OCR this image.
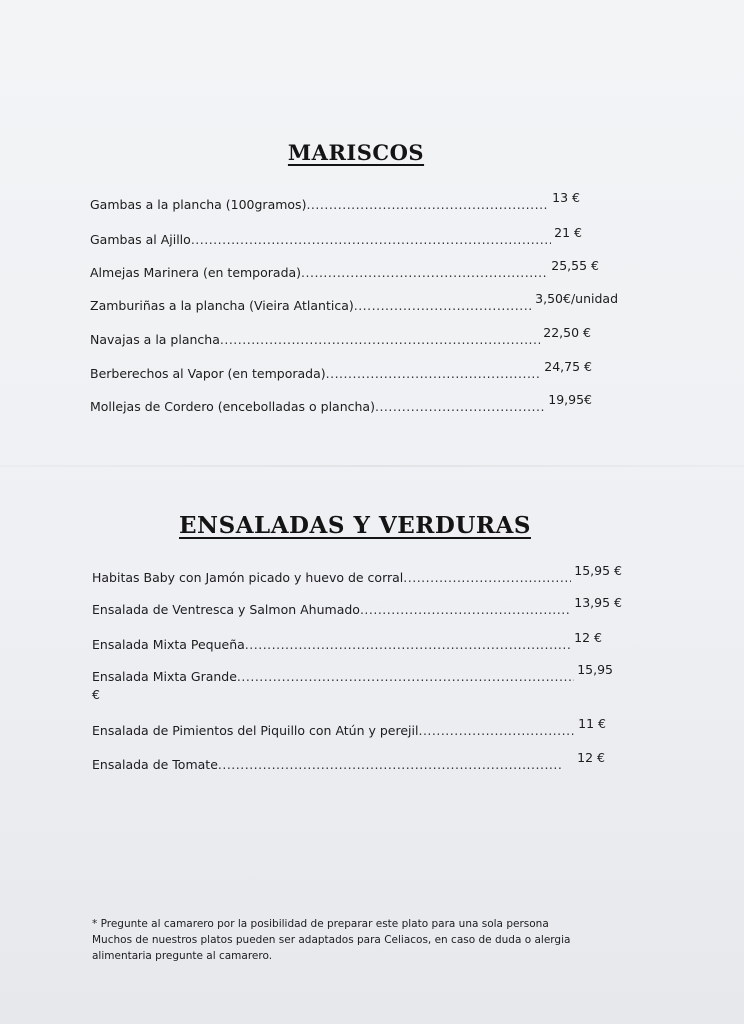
MARISCOS
Gambas a la plancha (100gramos) .....	13 €
Gambas al Ajillo .....	21 €
Almejas Marinera (en temporada) .....	25,55 €
Zamburiñas a la plancha (Vieira Atlantica) .....	3,50€/unidad
Navajas a la plancha .....	22,50 €
Berberechos al Vapor (en temporada) .....	24,75 €
Mollejas de Cordero (encebolladas o plancha) .....	19,95€
ENSALADAS Y VERDURAS
Habitas Baby con Jamón picado y huevo de corral .....	15,95 €
Ensalada de Ventresca y Salmon Ahumado .....	13,95 €
Ensalada Mixta Pequeña .....	12 €
Ensalada Mixta Grande .....	15,95
€
Ensalada de Pimientos del Piquillo con Atún y perejil .....	11 €
Ensalada de Tomate .....	12 €

* Pregunte al camarero por la posibilidad de preparar este plato para una sola persona

Muchos de nuestros platos pueden ser adaptados para Celiacos, en caso de duda o alergia alimentaria pregunte al camarero.
